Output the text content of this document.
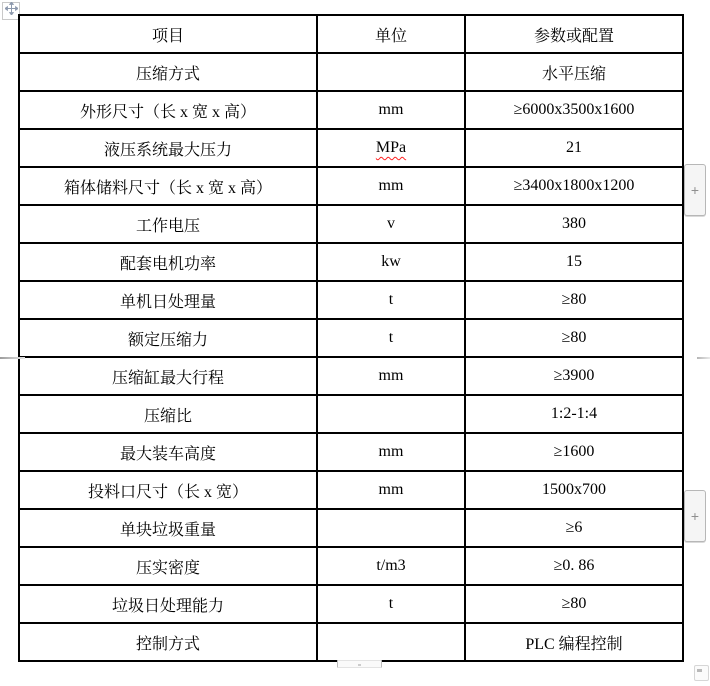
项目	单位	参数或配置
压缩方式		水平压缩
外形尺寸（长 x 宽 x 高）	mm	≥6000x3500x1600
液压系统最大压力	MPa	21
箱体储料尺寸（长 x 宽 x 高）	mm	≥3400x1800x1200
工作电压	v	380
配套电机功率	kw	15
单机日处理量	t	≥80
额定压缩力	t	≥80
压缩缸最大行程	mm	≥3900
压缩比		1:2-1:4
最大装车高度	mm	≥1600
投料口尺寸（长 x 宽）	mm	1500x700
单块垃圾重量		≥6
压实密度	t/m3	≥0. 86
垃圾日处理能力	t	≥80
控制方式		PLC 编程控制
+
+
